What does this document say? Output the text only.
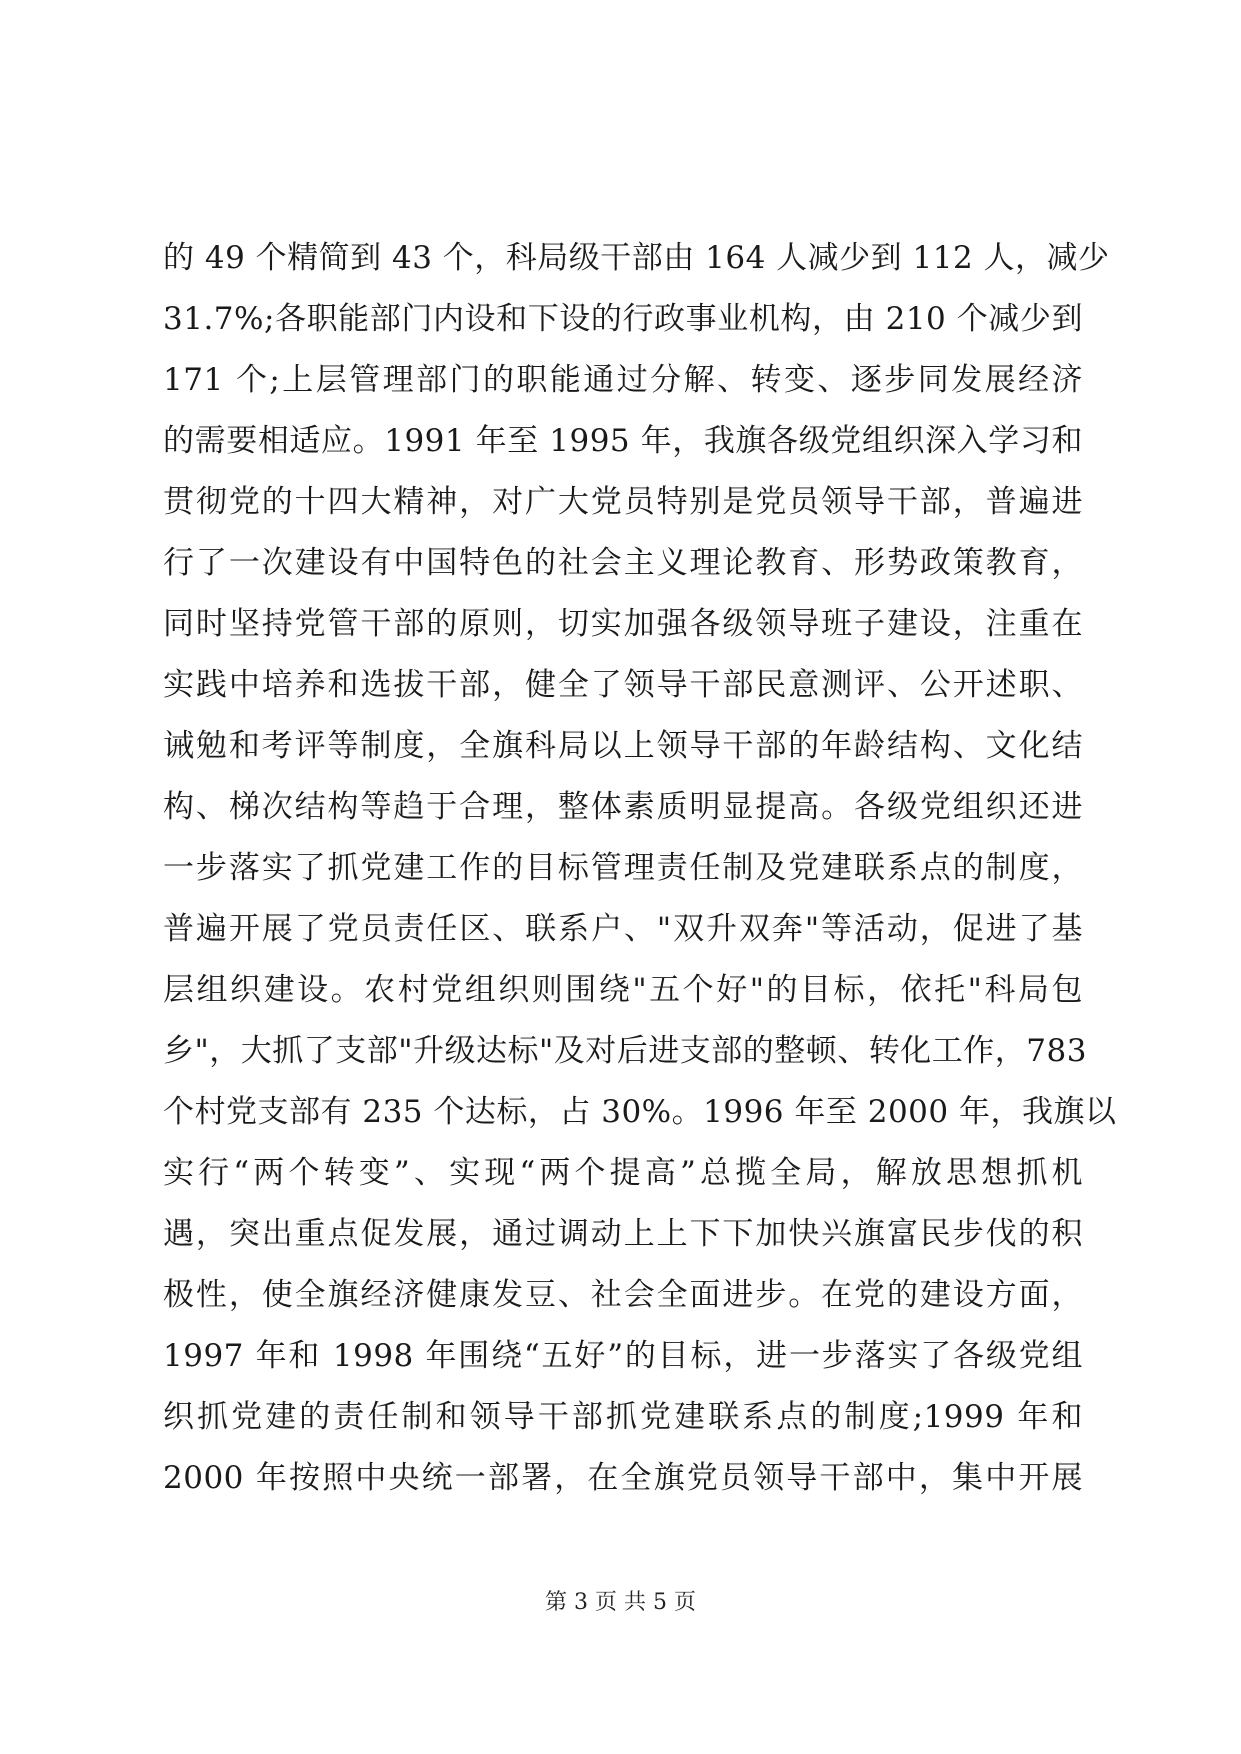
的 49 个精简到 43 个，科局级干部由 164 人减少到 112 人，减少
31.7%;各职能部门内设和下设的行政事业机构，由 210 个减少到
171 个;上层管理部门的职能通过分解、转变、逐步同发展经济
的需要相适应。1991 年至 1995 年，我旗各级党组织深入学习和
贯彻党的十四大精神，对广大党员特别是党员领导干部，普遍进
行了一次建设有中国特色的社会主义理论教育、形势政策教育，
同时坚持党管干部的原则，切实加强各级领导班子建设，注重在
实践中培养和选拔干部，健全了领导干部民意测评、公开述职、
诫勉和考评等制度，全旗科局以上领导干部的年龄结构、文化结
构、梯次结构等趋于合理，整体素质明显提高。各级党组织还进
一步落实了抓党建工作的目标管理责任制及党建联系点的制度，
普遍开展了党员责任区、联系户、"双升双奔"等活动，促进了基
层组织建设。农村党组织则围绕"五个好"的目标，依托"科局包
乡"，大抓了支部"升级达标"及对后进支部的整顿、转化工作，783
个村党支部有 235 个达标，占 30%。1996 年至 2000 年，我旗以
实行“两个转变”、实现“两个提高”总揽全局，解放思想抓机
遇，突出重点促发展，通过调动上上下下加快兴旗富民步伐的积
极性，使全旗经济健康发豆、社会全面进步。在党的建设方面，
1997 年和 1998 年围绕“五好”的目标，进一步落实了各级党组
织抓党建的责任制和领导干部抓党建联系点的制度;1999 年和
2000 年按照中央统一部署，在全旗党员领导干部中，集中开展
第 3 页 共 5 页
